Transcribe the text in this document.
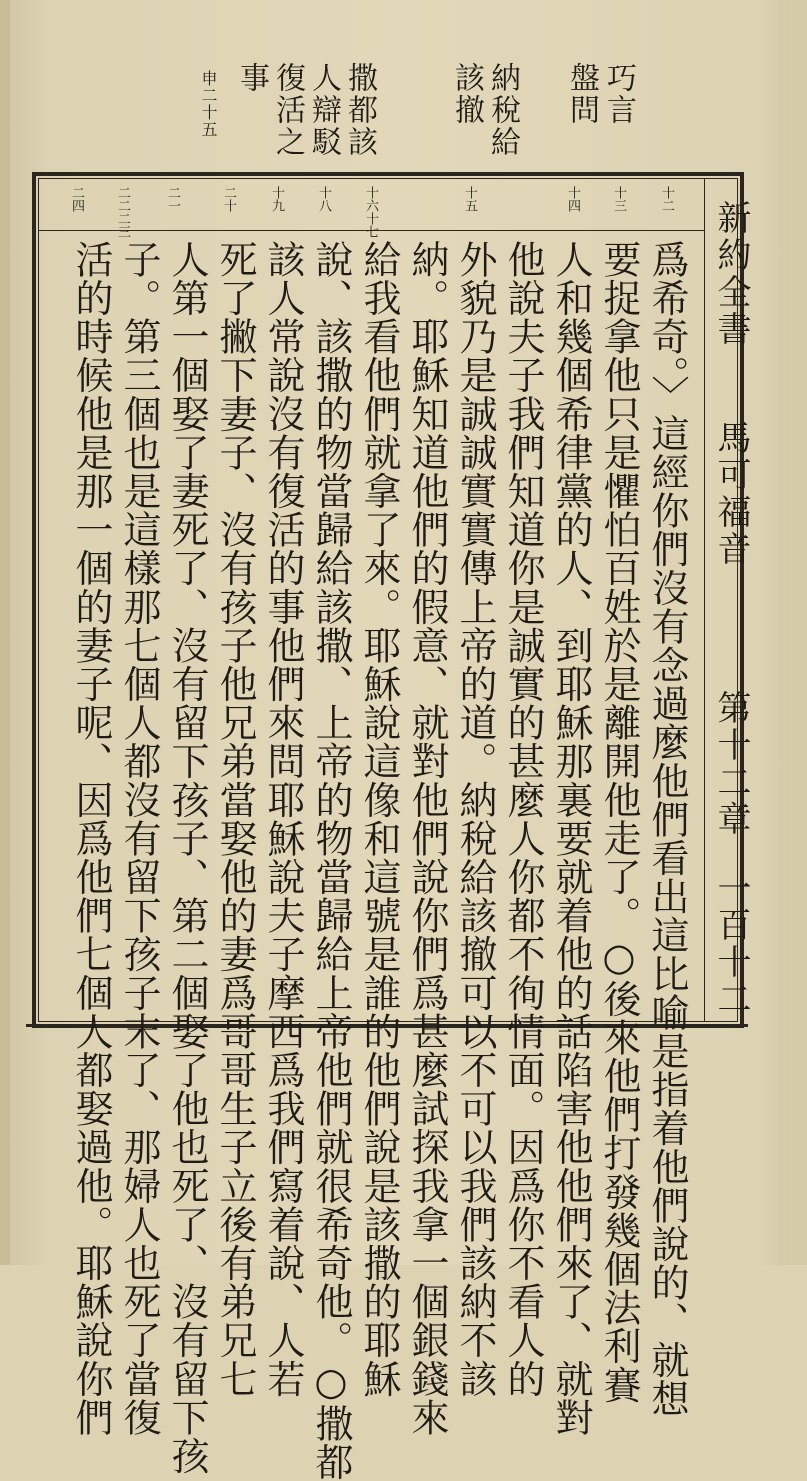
巧言
盤問
納稅給
該撤
撒都該
人辯駁
復活之
事
申二十五
新約全書
馬可福音
第十二章
一百十二
十二
十三
十四
十五
十六十七
十八
十九
二十
二一
二二二三
二四
爲希奇。〉這經你們沒有念過麼他們看出這比喻是指着他們說的、就想
要捉拿他只是懼怕百姓於是離開他走了。○後來他們打發幾個法利賽
人和幾個希律黨的人、到耶穌那裏要就着他的話陷害他他們來了、就對
他說夫子我們知道你是誠實的甚麼人你都不徇情面。因爲你不看人的
外貌乃是誠誠實實傳上帝的道。納稅給該撤可以不可以我們該納不該
納。耶穌知道他們的假意、就對他們說你們爲甚麼試探我拿一個銀錢來
給我看他們就拿了來。耶穌說這像和這號是誰的他們說是該撒的耶穌
說、該撒的物當歸給該撒、上帝的物當歸給上帝他們就很希奇他。○撒都
該人常說沒有復活的事他們來問耶穌說夫子摩西爲我們寫着說、人若
死了撇下妻子、沒有孩子他兄弟當娶他的妻爲哥哥生子立後有弟兄七
人第一個娶了妻死了、沒有留下孩子、第二個娶了他也死了、沒有留下孩
子。第三個也是這樣那七個人都沒有留下孩子末了、那婦人也死了當復
活的時候他是那一個的妻子呢、因爲他們七個人都娶過他。耶穌說你們
